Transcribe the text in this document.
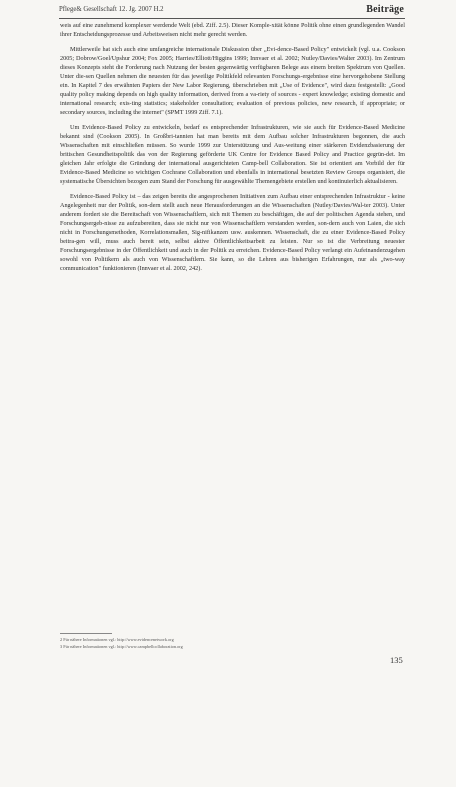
Pflege& Gesellschaft 12. Jg. 2007 H.2	Beiträge

weis auf eine zunehmend komplexer werdende Welt (ebd. Ziff. 2.5). Dieser Komple-xität könne Politik ohne einen grundlegenden Wandel ihrer Entscheidungsprozesse und Arbeitsweisen nicht mehr gerecht werden.

Mittlerweile hat sich auch eine umfangreiche internationale Diskussion über „Evi-dence-Based Policy" entwickelt (vgl. u.a. Cookson 2005; Dobrow/Goel/Upshur 2004; Fox 2005; Harries/Elliott/Higgins 1999; Innvaer et al. 2002; Nutley/Davies/Walter 2003). Im Zentrum dieses Konzepts steht die Forderung nach Nutzung der besten gegenwärtig verfügbaren Belege aus einem breiten Spektrum von Quellen. Unter die-sen Quellen nehmen die neuesten für das jeweilige Politikfeld relevanten Forschungs-ergebnisse eine hervorgehobene Stellung ein. In Kapitel 7 des erwähnten Papiers der New Labor Regierung, überschrieben mit „Use of Evidence", wird dazu festgestellt: „Good quality policy making depends on high quality information, derived from a va-riety of sources - expert knowledge; existing domestic and international research; exis-ting statistics; stakeholder consultation; evaluation of previous policies, new research, if appropriate; or secondary sources, including the internet" (SPMT 1999 Ziff. 7.1).

Um Evidence-Based Policy zu entwickeln, bedarf es entsprechender Infrastrukturen, wie sie auch für Evidence-Based Medicine bekannt sind (Cookson 2005). In Großbri-tannien hat man bereits mit dem Aufbau solcher Infrastrukturen begonnen, die auch Wissenschaften mit einschließen müssen. So wurde 1999 zur Unterstützung und Aus-weitung einer stärkeren Evidenzbasierung der britischen Gesundheitspolitik das von der Regierung geförderte UK Centre for Evidence Based Policy and Practice gegrün-det. Im gleichen Jahr erfolgte die Gründung der international ausgerichteten Camp-bell Collaboration. Sie ist orientiert am Vorbild der für Evidence-Based Medicine so wichtigen Cochrane Collaboration und ebenfalls in international besetzten Review Groups organisiert, die systematische Übersichten bezogen zum Stand der Forschung für ausgewählte Themengebiete erstellen und kontinuierlich aktualisieren.

Evidence-Based Policy ist – das zeigen bereits die angesprochenen Initiativen zum Aufbau einer entsprechenden Infrastruktur - keine Angelegenheit nur der Politik, son-dern stellt auch neue Herausforderungen an die Wissenschaften (Nutley/Davies/Wal-ter 2003). Unter anderem fordert sie die Bereitschaft von Wissenschaftlern, sich mit Themen zu beschäftigen, die auf der politischen Agenda stehen, und Forschungsergeb-nisse zu aufzubereiten, dass sie nicht nur von Wissenschaftlern verstanden werden, son-dern auch von Laien, die sich nicht in Forschungsmethoden, Korrelationsmaßen, Sig-nifikanzen usw. auskennen. Wissenschaft, die zu einer Evidence-Based Policy beitra-gen will, muss auch bereit sein, selbst aktive Öffentlichkeitsarbeit zu leisten. Nur so ist die Verbreitung neuester Forschungsergebnisse in der Öffentlichkeit und auch in der Politik zu erreichen. Evidence-Based Policy verlangt ein Aufeinanderzugehen sowohl von Politikern als auch von Wissenschaftlern. Sie kann, so die Lehren aus bisherigen Erfahrungen, nur als „two-way communication" funktionieren (Innvaer et al. 2002, 242).

2 Für nähere Informationen vgl.: http://www.evidencenetwork.org
3 Für nähere Informationen vgl.: http://www.campbellcollaboration.org
135
